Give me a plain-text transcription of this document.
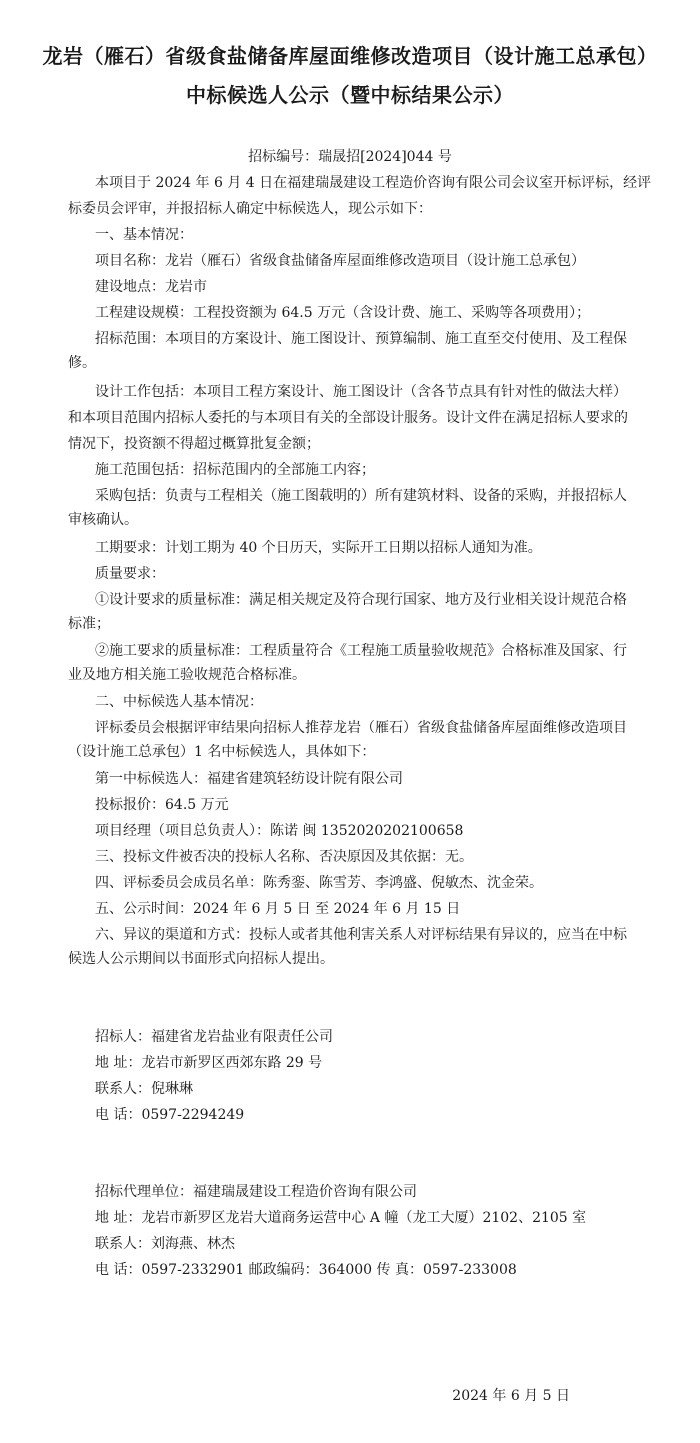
龙岩（雁石）省级食盐储备库屋面维修改造项目（设计施工总承包）
中标候选人公示（暨中标结果公示）
招标编号：瑞晟招[2024]044 号
本项目于 2024 年 6 月 4 日在福建瑞晟建设工程造价咨询有限公司会议室开标评标，经评
标委员会评审，并报招标人确定中标候选人，现公示如下：
一、基本情况：
项目名称：龙岩（雁石）省级食盐储备库屋面维修改造项目（设计施工总承包）
建设地点：龙岩市
工程建设规模：工程投资额为 64.5 万元（含设计费、施工、采购等各项费用）；
招标范围：本项目的方案设计、施工图设计、预算编制、施工直至交付使用、及工程保
修。
设计工作包括：本项目工程方案设计、施工图设计（含各节点具有针对性的做法大样）
和本项目范围内招标人委托的与本项目有关的全部设计服务。设计文件在满足招标人要求的
情况下，投资额不得超过概算批复金额；
施工范围包括：招标范围内的全部施工内容；
采购包括：负责与工程相关（施工图载明的）所有建筑材料、设备的采购，并报招标人
审核确认。
工期要求：计划工期为 40 个日历天，实际开工日期以招标人通知为准。
质量要求：
①设计要求的质量标准：满足相关规定及符合现行国家、地方及行业相关设计规范合格
标准；
②施工要求的质量标准：工程质量符合《工程施工质量验收规范》合格标准及国家、行
业及地方相关施工验收规范合格标准。
二、中标候选人基本情况：
评标委员会根据评审结果向招标人推荐龙岩（雁石）省级食盐储备库屋面维修改造项目
（设计施工总承包）1 名中标候选人，具体如下：
第一中标候选人：福建省建筑轻纺设计院有限公司
投标报价：64.5 万元
项目经理（项目总负责人）：陈诺 闽 1352020202100658
三、投标文件被否决的投标人名称、否决原因及其依据：无。
四、评标委员会成员名单：陈秀銮、陈雪芳、李鸿盛、倪敏杰、沈金荣。
五、公示时间：2024 年 6 月 5 日 至 2024 年 6 月 15 日
六、异议的渠道和方式：投标人或者其他利害关系人对评标结果有异议的，应当在中标
候选人公示期间以书面形式向招标人提出。
招标人：福建省龙岩盐业有限责任公司
地 址：龙岩市新罗区西郊东路 29 号
联系人：倪琳琳
电 话：0597-2294249
招标代理单位：福建瑞晟建设工程造价咨询有限公司
地 址：龙岩市新罗区龙岩大道商务运营中心 A 幢（龙工大厦）2102、2105 室
联系人：刘海燕、林杰
电 话：0597-2332901 邮政编码：364000 传 真：0597-233008
2024 年 6 月 5 日
